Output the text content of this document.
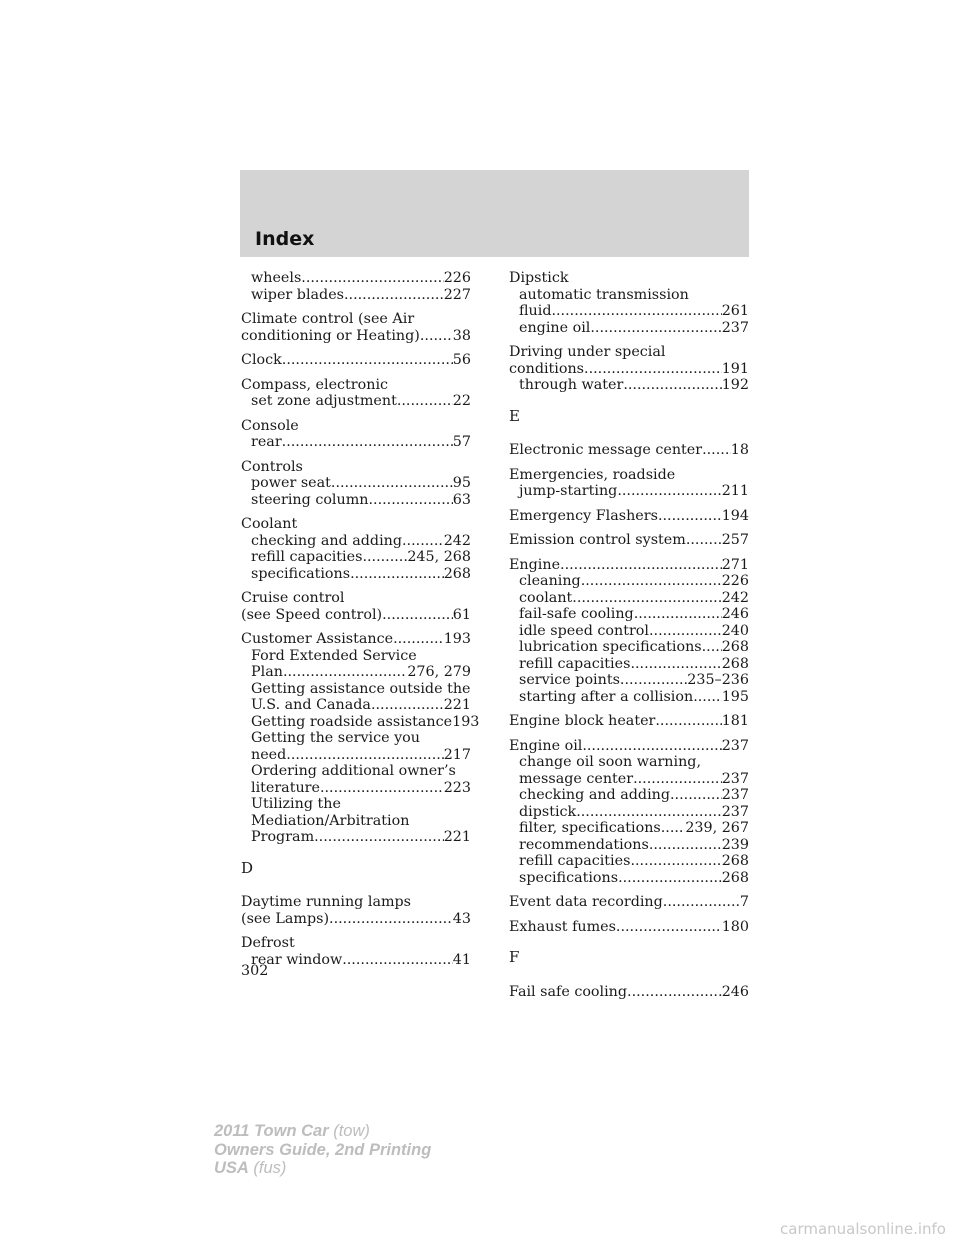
Index
wheels .....	226
wiper blades .....	227
Climate control (see Air
conditioning or Heating) ..... 38
Clock .....	56
Compass, electronic
set zone adjustment .....	22
Console
rear .....	57
Controls
power seat .....	95
steering column .....	63
Coolant
checking and adding .....	242
refill capacities .....	245, 268
specifications .....	268
Cruise control
(see Speed control) .....	61
Customer Assistance .....	193
Ford Extended Service
Plan .....	276, 279
Getting assistance outside the
U.S. and Canada .....	221
Getting roadside assistance 193
Getting the service you
need .....	217
Ordering additional owner’s
literature .....	223
Utilizing the
Mediation/Arbitration
Program .....	221
D
Daytime running lamps
(see Lamps) .....	43
Defrost
rear window .....	41
Dipstick
automatic transmission
fluid .....	261
engine oil .....	237
Driving under special
conditions .....	191
through water .....	192
E
Electronic message center ..... 18
Emergencies, roadside
jump-starting .....	211
Emergency Flashers .....	194
Emission control system .....	257
Engine .....	271
cleaning .....	226
coolant .....	242
fail-safe cooling .....	246
idle speed control .....	240
lubrication specifications ..... 268
refill capacities .....	268
service points .....	235–236
starting after a collision ..... 195
Engine block heater .....	181
Engine oil .....	237
change oil soon warning,
message center .....	237
checking and adding .....	237
dipstick .....	237
filter, specifications ..... 239, 267
recommendations .....	239
refill capacities .....	268
specifications .....	268
Event data recording .....	7
Exhaust fumes .....	180
F
Fail safe cooling .....	246
302
2011 Town Car (tow)
Owners Guide, 2nd Printing
USA (fus)
carmanualsonline.info
